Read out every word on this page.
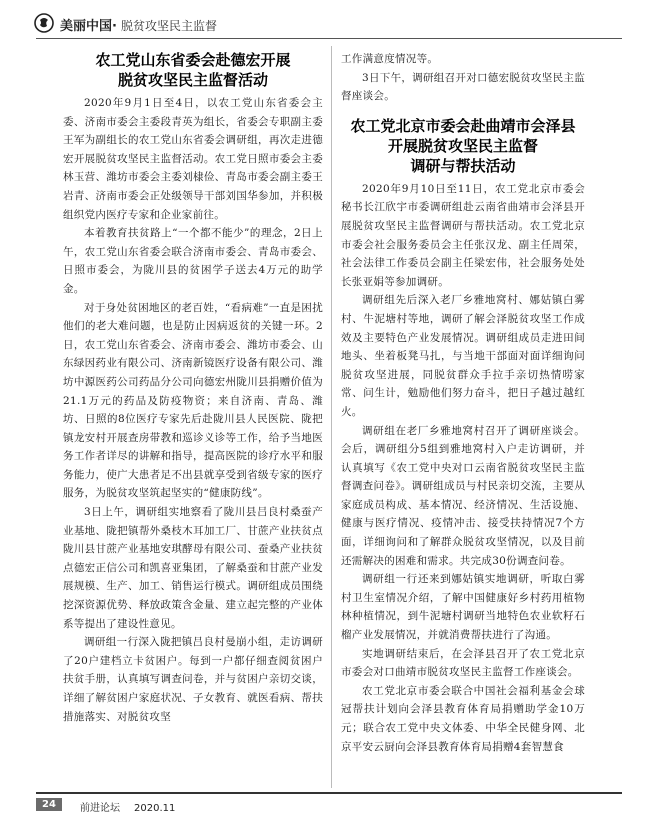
美丽中国· 脱贫攻坚民主监督
农工党山东省委会赴德宏开展
脱贫攻坚民主监督活动

2020年9月1日至4日，以农工党山东省委会主委、济南市委会主委段青英为组长，省委会专职副主委王军为副组长的农工党山东省委会调研组，再次走进德宏开展脱贫攻坚民主监督活动。农工党日照市委会主委林玉营、潍坊市委会主委刘棣俭、青岛市委会副主委王岩青、济南市委会正处级领导干部刘国华参加，并积极组织党内医疗专家和企业家前往。

本着教育扶贫路上“一个都不能少”的理念，2日上午，农工党山东省委会联合济南市委会、青岛市委会、日照市委会，为陇川县的贫困学子送去4万元的助学金。

对于身处贫困地区的老百姓，“看病难”一直是困扰他们的老大难问题，也是防止因病返贫的关键一环。2日，农工党山东省委会、济南市委会、潍坊市委会、山东绿因药业有限公司、济南新镜医疗设备有限公司、潍坊中源医药公司药品分公司向德宏州陇川县捐赠价值为21.1万元的药品及防疫物资；来自济南、青岛、潍坊、日照的8位医疗专家先后赴陇川县人民医院、陇把镇龙安村开展查房带教和巡诊义诊等工作，给予当地医务工作者详尽的讲解和指导，提高医院的诊疗水平和服务能力，使广大患者足不出县就享受到省级专家的医疗服务，为脱贫攻坚筑起坚实的“健康防线”。

3日上午，调研组实地察看了陇川县吕良村桑蚕产业基地、陇把镇帮外桑枝木耳加工厂、甘蔗产业扶贫点陇川县甘蔗产业基地安琪酵母有限公司、蚕桑产业扶贫点德宏正信公司和凯喜亚集团，了解桑蚕和甘蔗产业发展规模、生产、加工、销售运行模式。调研组成员围绕挖深资源优势、释放政策含金量、建立起完整的产业体系等提出了建设性意见。

调研组一行深入陇把镇吕良村曼崩小组，走访调研了20户建档立卡贫困户。每到一户都仔细查阅贫困户扶贫手册，认真填写调查问卷，并与贫困户亲切交谈，详细了解贫困户家庭状况、子女教育、就医看病、帮扶措施落实、对脱贫攻坚

工作满意度情况等。

3日下午，调研组召开对口德宏脱贫攻坚民主监督座谈会。

农工党北京市委会赴曲靖市会泽县
开展脱贫攻坚民主监督
调研与帮扶活动

2020年9月10日至11日，农工党北京市委会秘书长江欣宇市委调研组赴云南省曲靖市会泽县开展脱贫攻坚民主监督调研与帮扶活动。农工党北京市委会社会服务委员会主任张汉龙、副主任周荣，社会法律工作委员会副主任梁宏伟，社会服务处处长张亚娟等参加调研。

调研组先后深入老厂乡雅地窝村、娜姑镇白雾村、牛泥塘村等地，调研了解会泽脱贫攻坚工作成效及主要特色产业发展情况。调研组成员走进田间地头、坐着板凳马扎，与当地干部面对面详细询问脱贫攻坚进展，同脱贫群众手拉手亲切热情唠家常、问生计，勉励他们努力奋斗，把日子越过越红火。

调研组在老厂乡雅地窝村召开了调研座谈会。会后，调研组分5组到雅地窝村入户走访调研，并认真填写《农工党中央对口云南省脱贫攻坚民主监督调查问卷》。调研组成员与村民亲切交流，主要从家庭成员构成、基本情况、经济情况、生活设施、健康与医疗情况、疫情冲击、接受扶持情况7个方面，详细询问和了解群众脱贫攻坚情况，以及目前还需解决的困难和需求。共完成30份调查问卷。

调研组一行还来到娜姑镇实地调研，听取白雾村卫生室情况介绍，了解中国健康好乡村药用植物林种植情况，到牛泥塘村调研当地特色农业软籽石榴产业发展情况，并就消费帮扶进行了沟通。

实地调研结束后，在会泽县召开了农工党北京市委会对口曲靖市脱贫攻坚民主监督工作座谈会。

农工党北京市委会联合中国社会福利基金会球冠帮扶计划向会泽县教育体育局捐赠助学金10万元；联合农工党中央文体委、中华全民健身网、北京平安云厨向会泽县教育体育局捐赠4套智慧食

24	前进论坛 2020.11
